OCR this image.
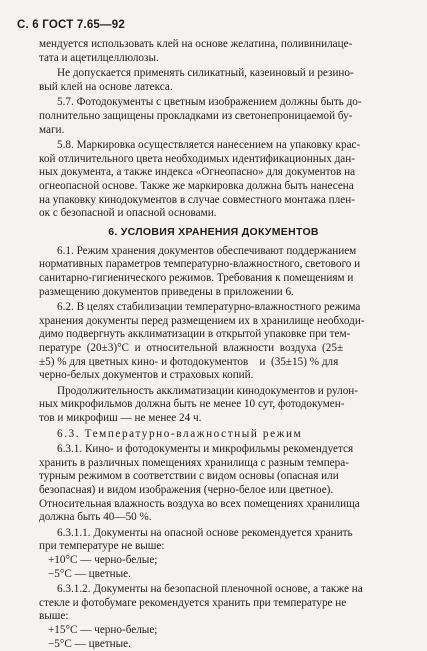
С. 6 ГОСТ 7.65—92
6. УСЛОВИЯ ХРАНЕНИЯ ДОКУМЕНТОВ
мендуется использовать клей на основе желатина, поливинилаце-
тата и ацетилцеллюлозы.
Не допускается применять силикатный, казеиновый и резино-
вый клей на основе латекса.
5.7. Фотодокументы с цветным изображением должны быть до-
полнительно защищены прокладками из светонепроницаемой бу-
маги.
5.8. Маркировка осуществляется нанесением на упаковку крас-
кой отличительного цвета необходимых идентификационных дан-
ных документа, а также индекса «Огнеопасно» для документов на
огнеопасной основе. Также же маркировка должна быть нанесена
на упаковку кинодокументов в случае совместного монтажа плен-
ок с безопасной и опасной основами.
6.1. Режим хранения документов обеспечивают поддержанием
нормативных параметров температурно-влажностного, светового и
санитарно-гигиенического режимов. Требования к помещениям и
размещению документов приведены в приложении 6.
6.2. В целях стабилизации температурно-влажностного режима
хранения документы перед размещением их в хранилище необходи-
димо подвергнуть акклиматизации в открытой упаковке при тем-
пературе  (20±3)°С  и  относительной  влажности  воздуха  (25±
±5) % для цветных кино- и фотодокументов    и  (35±15) % для
черно-белых документов и страховых копий.
Продолжительность акклиматизации кинодокументов и рулон-
ных микрофильмов должна быть не менее 10 сут, фотодокумен-
тов и микрофиш — не менее 24 ч.
6.3. Температурно-влажностный режим
6.3.1. Кино- и фотодокументы и микрофильмы рекомендуется
хранить в различных помещениях хранилища с разным темпера-
турным режимом в соответствии с видом основы (опасная или
безопасная) и видом изображения (черно-белое или цветное).
Относительная влажность воздуха во всех помещениях хранилища
должна быть 40—50 %.
6.3.1.1. Документы на опасной основе рекомендуется хранить
при температуре не выше:
+10°С — черно-белые;
−5°С — цветные.
6.3.1.2. Документы на безопасной пленочной основе, а также на
стекле и фотобумаге рекомендуется хранить при температуре не
выше:
+15°С — черно-белые;
−5°С — цветные.
